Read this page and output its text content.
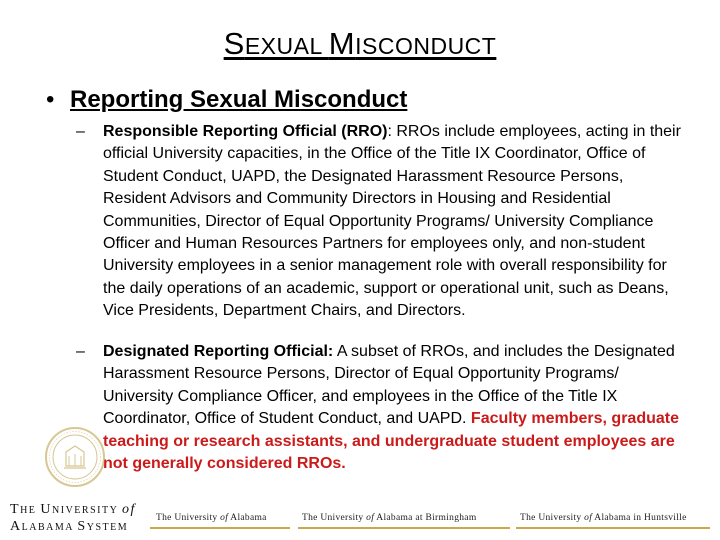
SEXUAL MISCONDUCT
• Reporting Sexual Misconduct
– Responsible Reporting Official (RRO): RROs include employees, acting in their official University capacities, in the Office of the Title IX Coordinator, Office of Student Conduct, UAPD, the Designated Harassment Resource Persons, Resident Advisors and Community Directors in Housing and Residential Communities, Director of Equal Opportunity Programs/ University Compliance Officer and Human Resources Partners for employees only, and non-student University employees in a senior management role with overall responsibility for the daily operations of an academic, support or operational unit, such as Deans, Vice Presidents, Department Chairs, and Directors.
– Designated Reporting Official: A subset of RROs, and includes the Designated Harassment Resource Persons, Director of Equal Opportunity Programs/ University Compliance Officer, and employees in the Office of the Title IX Coordinator, Office of Student Conduct, and UAPD. Faculty members, graduate teaching or research assistants, and undergraduate student employees are not generally considered RROs.
THE UNIVERSITY of
ALABAMA SYSTEM
The University of Alabama	The University of Alabama at Birmingham	The University of Alabama in Huntsville
